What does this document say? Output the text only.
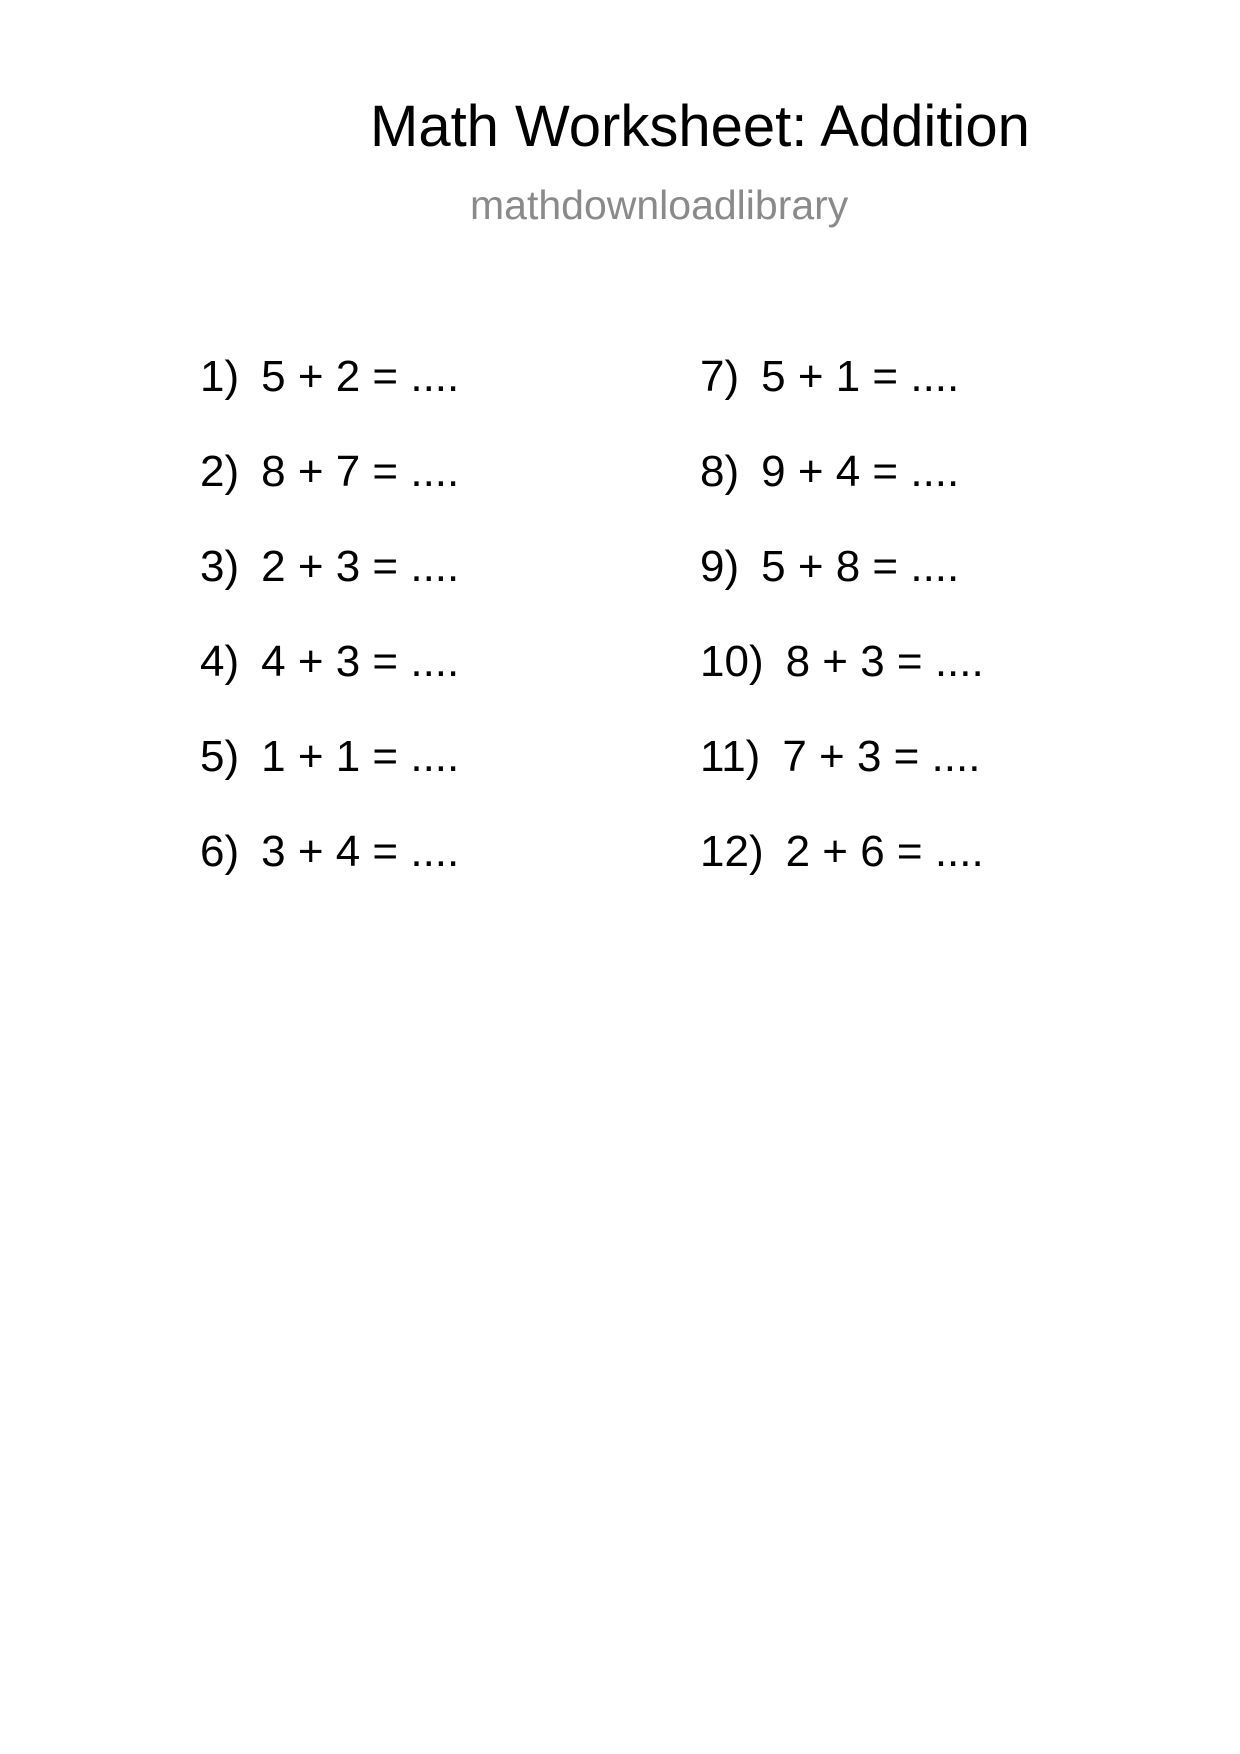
Math Worksheet: Addition
mathdownloadlibrary
1) 5 + 2 = ....
2) 8 + 7 = ....
3) 2 + 3 = ....
4) 4 + 3 = ....
5) 1 + 1 = ....
6) 3 + 4 = ....
7) 5 + 1 = ....
8) 9 + 4 = ....
9) 5 + 8 = ....
10) 8 + 3 = ....
11) 7 + 3 = ....
12) 2 + 6 = ....
